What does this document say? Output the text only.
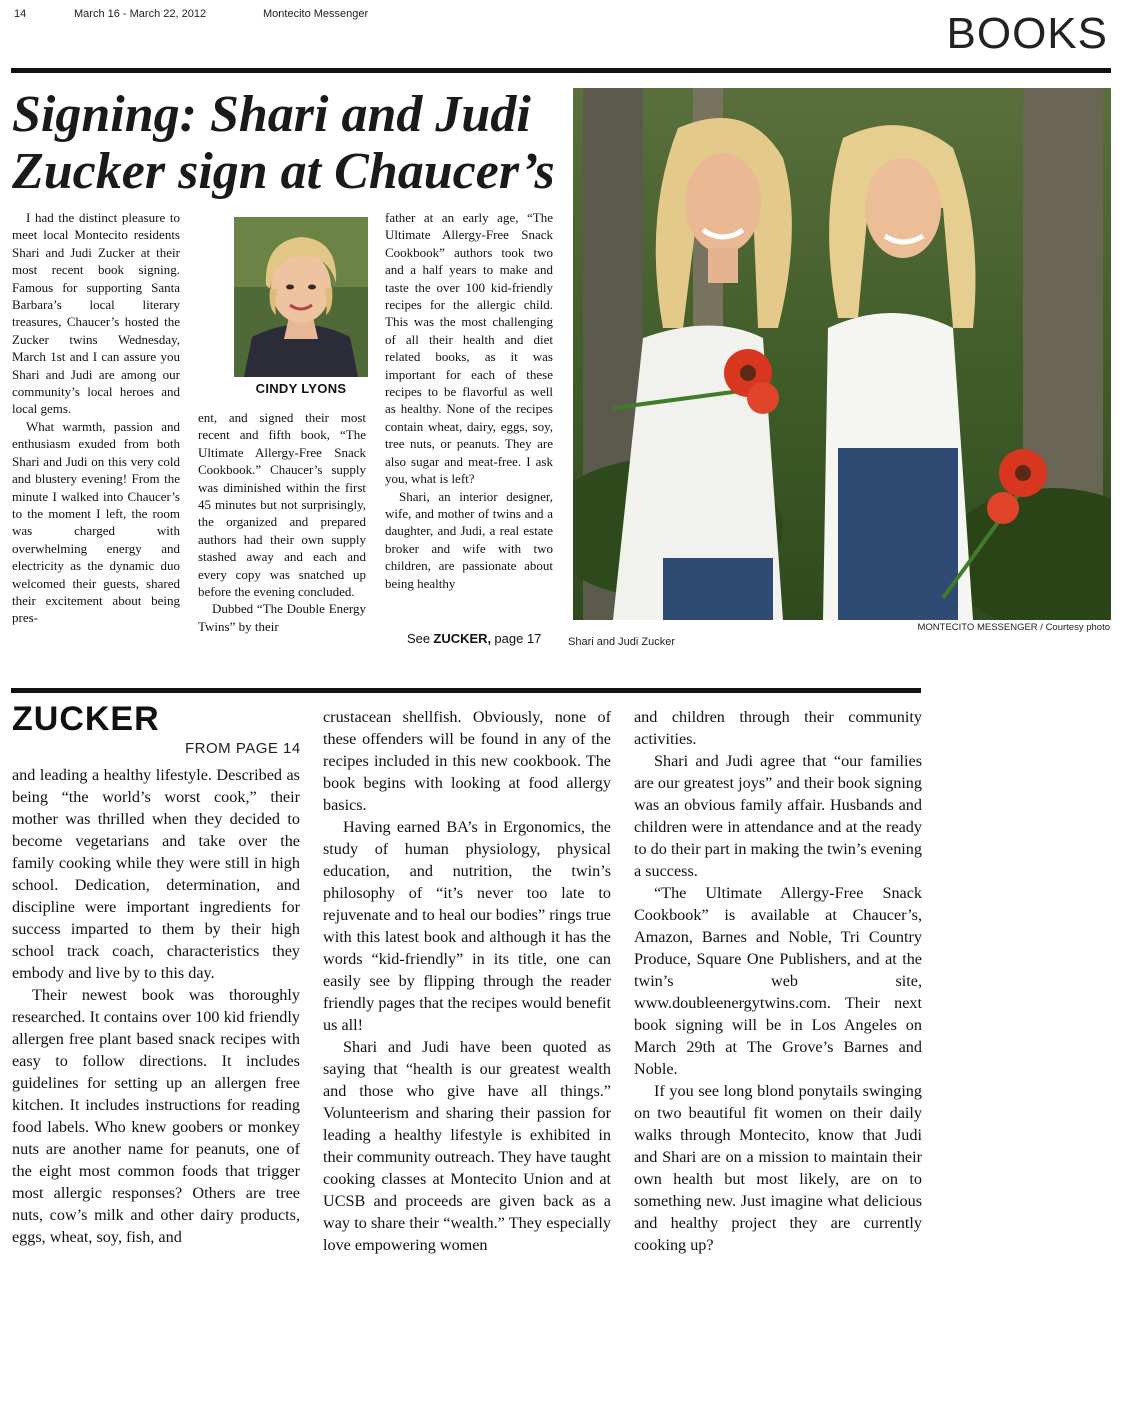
14	March 16 - March 22, 2012	Montecito Messenger	BOOKS
Signing: Shari and Judi
Zucker sign at Chaucer’s

I had the distinct pleasure to meet local Montecito residents Shari and Judi Zucker at their most recent book signing. Famous for supporting Santa Barbara’s local literary treasures, Chaucer’s hosted the Zucker twins Wednesday, March 1st and I can assure you Shari and Judi are among our community’s local heroes and local gems.

What warmth, passion and enthusiasm exuded from both Shari and Judi on this very cold and blustery evening! From the minute I walked into Chaucer’s to the moment I left, the room was charged with overwhelming energy and electricity as the dynamic duo welcomed their guests, shared their excitement about being pres-

CINDY LYONS

ent, and signed their most recent and fifth book, “The Ultimate Allergy-Free Snack Cookbook.” Chaucer’s supply was diminished within the first 45 minutes but not surprisingly, the organized and prepared authors had their own supply stashed away and each and every copy was snatched up before the evening concluded.

Dubbed “The Double Energy Twins” by their

father at an early age, “The Ultimate Allergy-Free Snack Cookbook” authors took two and a half years to make and taste the over 100 kid-friendly recipes for the allergic child. This was the most challenging of all their health and diet related books, as it was important for each of these recipes to be flavorful as well as healthy. None of the recipes contain wheat, dairy, eggs, soy, tree nuts, or peanuts. They are also sugar and meat-free. I ask you, what is left?

Shari, an interior designer, wife, and mother of twins and a daughter, and Judi, a real estate broker and wife with two children, are passionate about being healthy

See ZUCKER, page 17
MONTECITO MESSENGER / Courtesy photo
Shari and Judi Zucker
ZUCKER
FROM PAGE 14

and leading a healthy lifestyle. Described as being “the world’s worst cook,” their mother was thrilled when they decided to become vegetarians and take over the family cooking while they were still in high school. Dedication, determination, and discipline were important ingredients for success imparted to them by their high school track coach, characteristics they embody and live by to this day.

Their newest book was thoroughly researched. It contains over 100 kid friendly allergen free plant based snack recipes with easy to follow directions. It includes guidelines for setting up an allergen free kitchen. It includes instructions for reading food labels. Who knew goobers or monkey nuts are another name for peanuts, one of the eight most common foods that trigger most allergic responses? Others are tree nuts, cow’s milk and other dairy products, eggs, wheat, soy, fish, and

crustacean shellfish. Obviously, none of these offenders will be found in any of the recipes included in this new cookbook. The book begins with looking at food allergy basics.

Having earned BA’s in Ergonomics, the study of human physiology, physical education, and nutrition, the twin’s philosophy of “it’s never too late to rejuvenate and to heal our bodies” rings true with this latest book and although it has the words “kid-friendly” in its title, one can easily see by flipping through the reader friendly pages that the recipes would benefit us all!

Shari and Judi have been quoted as saying that “health is our greatest wealth and those who give have all things.” Volunteerism and sharing their passion for leading a healthy lifestyle is exhibited in their community outreach. They have taught cooking classes at Montecito Union and at UCSB and proceeds are given back as a way to share their “wealth.” They especially love empowering women

and children through their community activities.

Shari and Judi agree that “our families are our greatest joys” and their book signing was an obvious family affair. Husbands and children were in attendance and at the ready to do their part in making the twin’s evening a success.

“The Ultimate Allergy-Free Snack Cookbook” is available at Chaucer’s, Amazon, Barnes and Noble, Tri Country Produce, Square One Publishers, and at the twin’s web site, www.doubleenergytwins.com. Their next book signing will be in Los Angeles on March 29th at The Grove’s Barnes and Noble.

If you see long blond ponytails swinging on two beautiful fit women on their daily walks through Montecito, know that Judi and Shari are on a mission to maintain their own health but most likely, are on to something new. Just imagine what delicious and healthy project they are currently cooking up?
